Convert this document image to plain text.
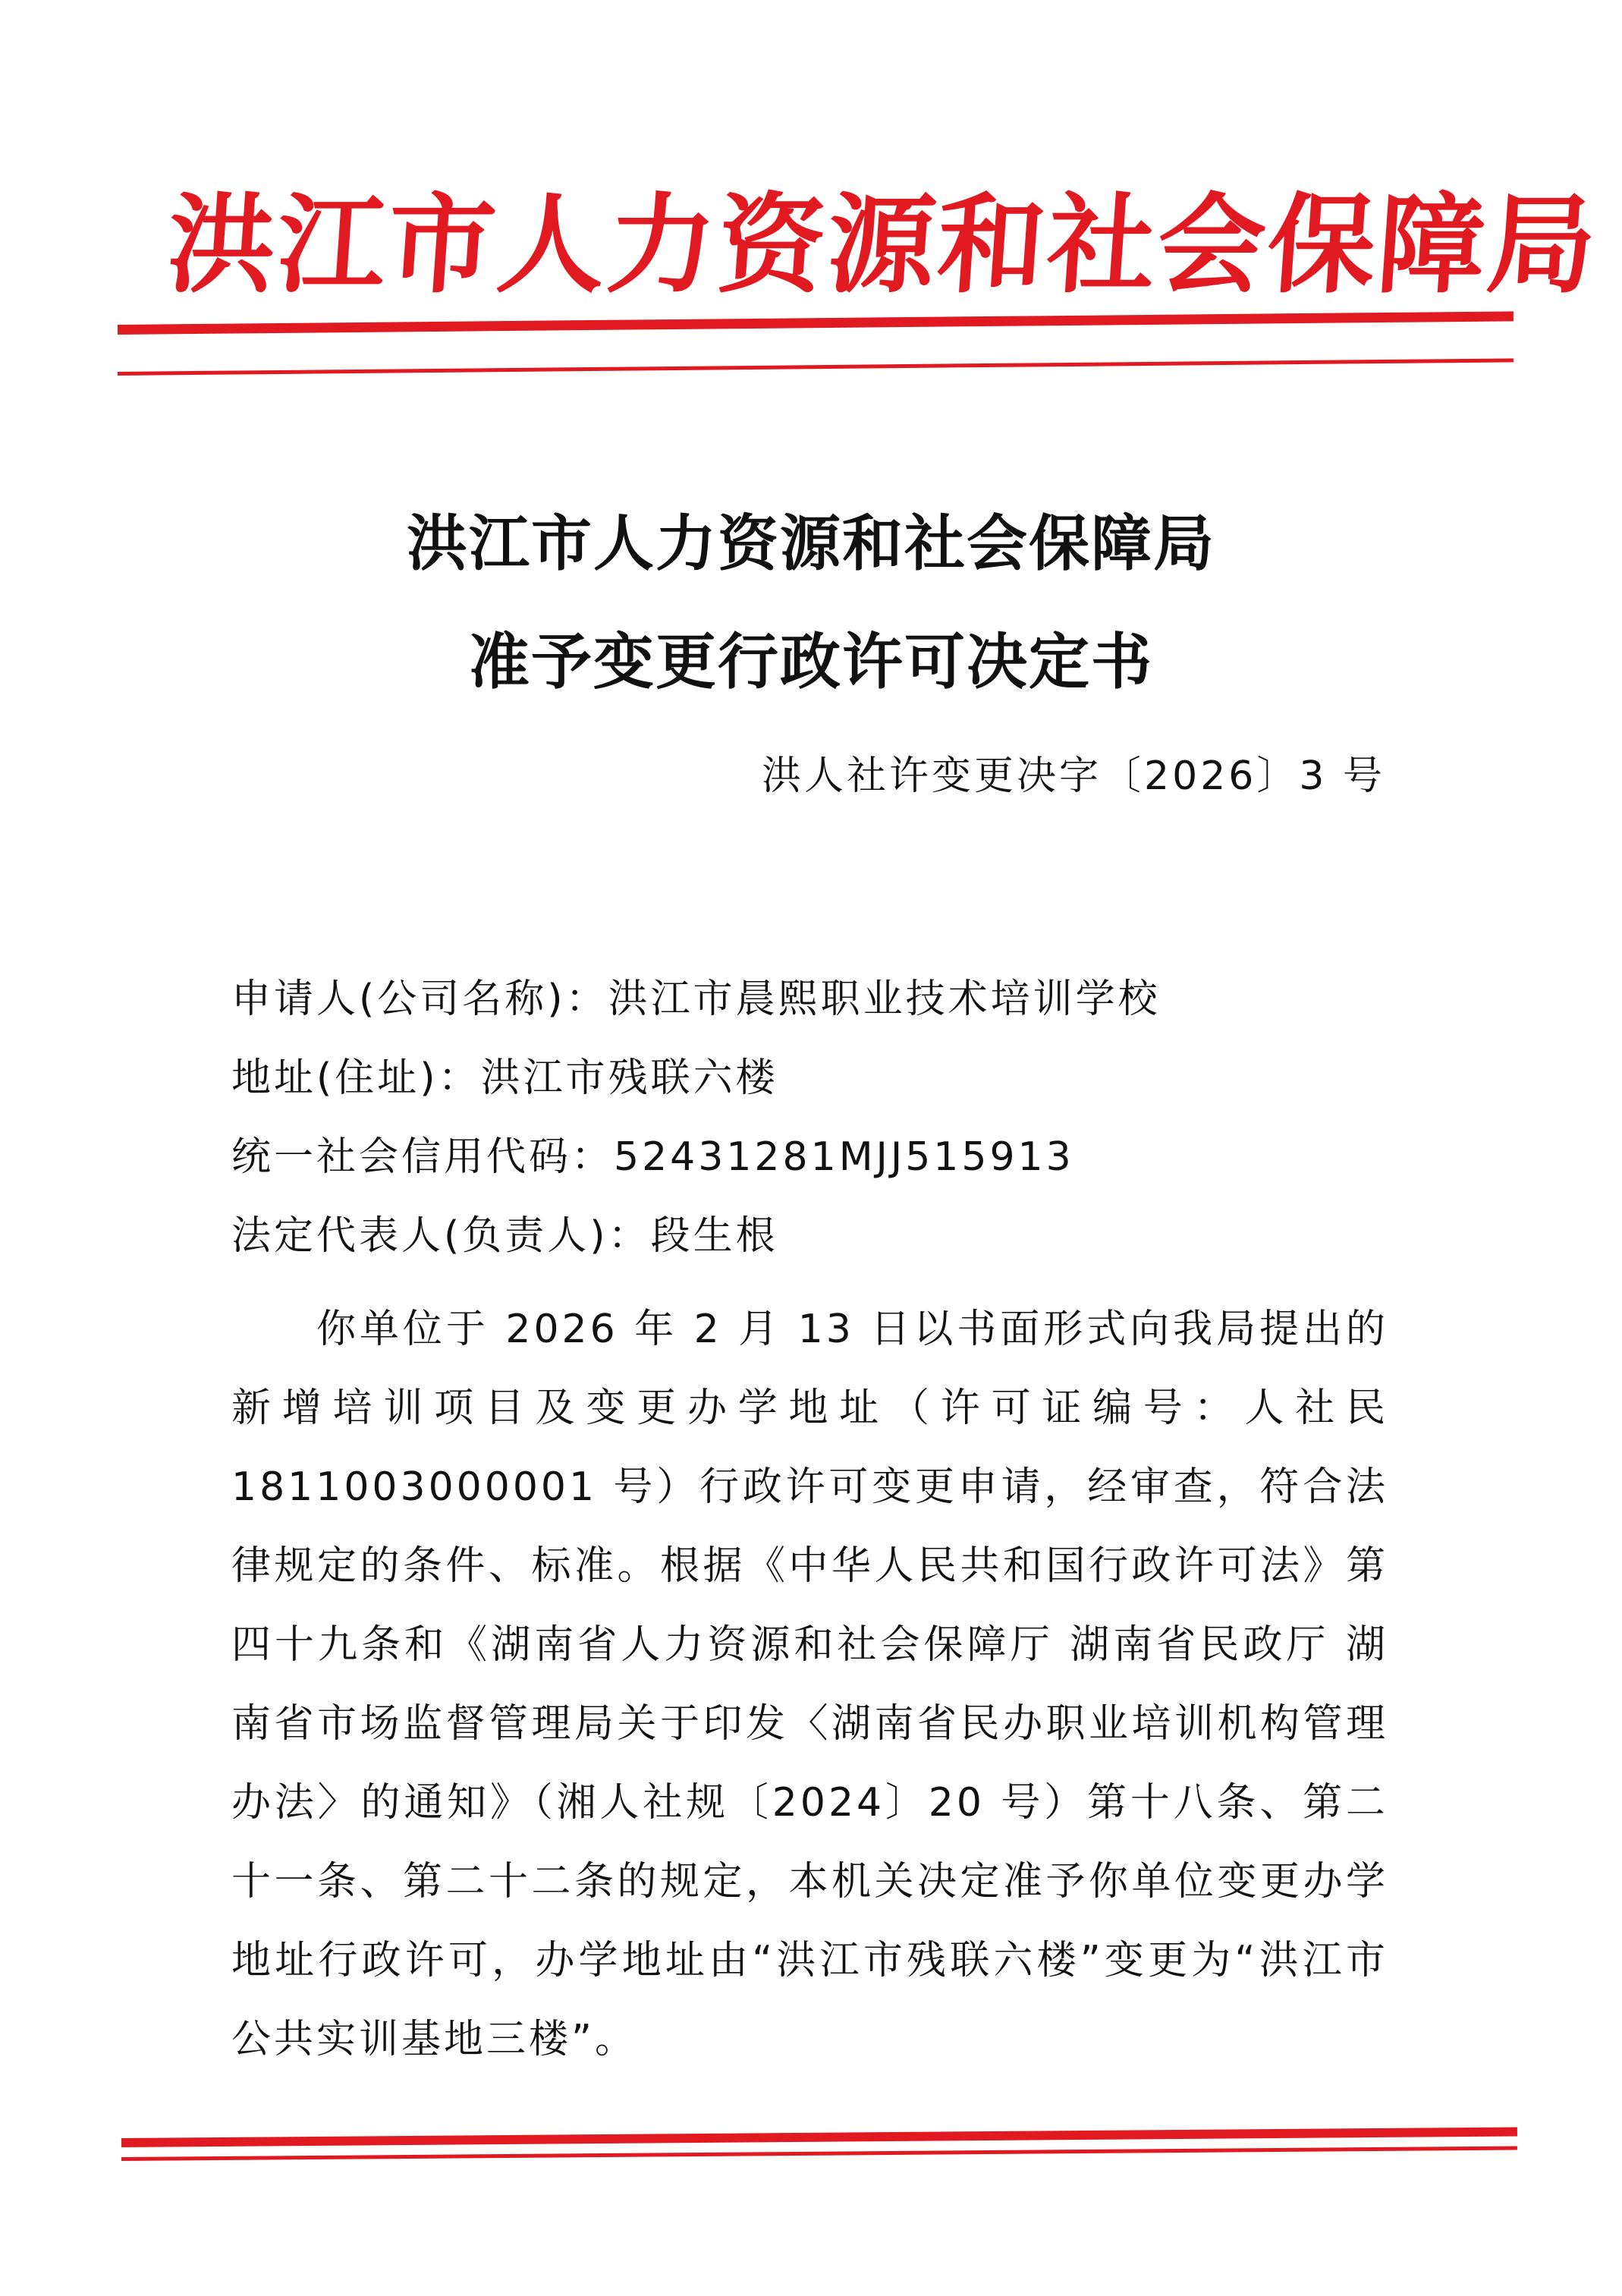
洪江市人力资源和社会保障局
洪江市人力资源和社会保障局
准予变更行政许可决定书
洪人社许变更决字〔2026〕3 号
申请人(公司名称)：洪江市晨熙职业技术培训学校
地址(住址)：洪江市残联六楼
统一社会信用代码：52431281MJJ515913
法定代表人(负责人)：段生根
你单位于 2026 年 2 月 13 日以书面形式向我局提出的新增培训项目及变更办学地址（许可证编号：人社民 1811003000001 号）行政许可变更申请，经审查，符合法律规定的条件、标准。根据《中华人民共和国行政许可法》第四十九条和《湖南省人力资源和社会保障厅 湖南省民政厅 湖南省市场监督管理局关于印发〈湖南省民办职业培训机构管理办法〉的通知》（湘人社规〔2024〕20 号）第十八条、第二十一条、第二十二条的规定，本机关决定准予你单位变更办学地址行政许可，办学地址由“洪江市残联六楼”变更为“洪江市公共实训基地三楼”。
